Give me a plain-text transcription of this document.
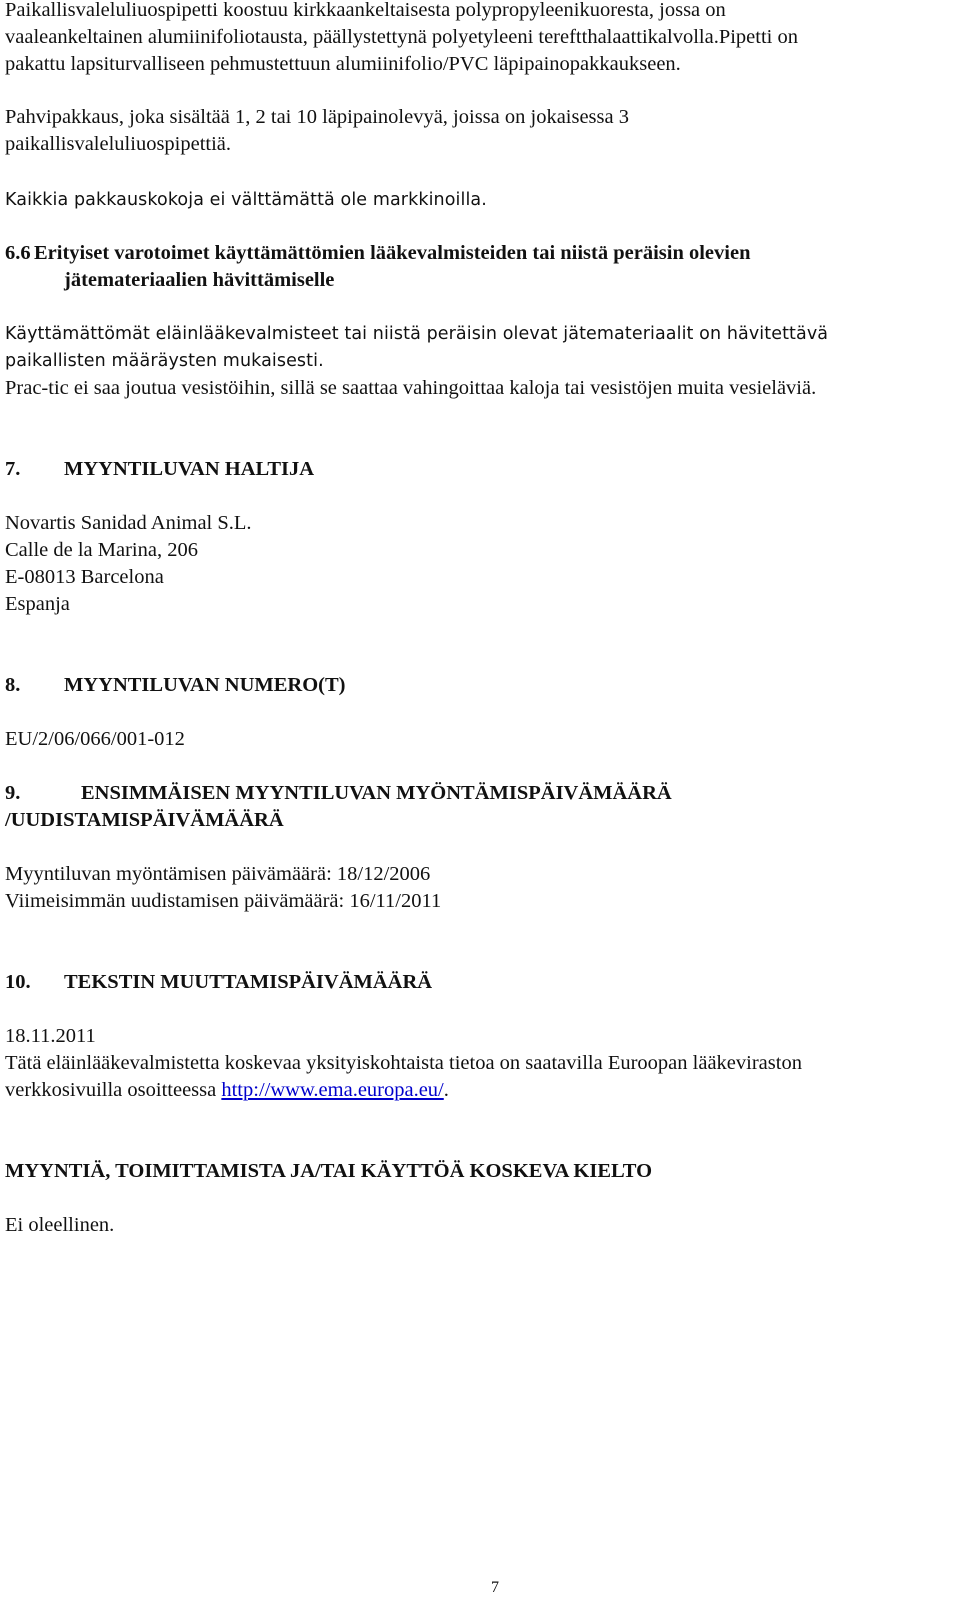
Paikallisvaleluliuospipetti koostuu kirkkaankeltaisesta polypropyleenikuoresta, jossa on
vaaleankeltainen alumiinifoliotausta, päällystettynä polyetyleeni tereftthalaattikalvolla.Pipetti on
pakattu lapsiturvalliseen pehmustettuun alumiinifolio/PVC läpipainopakkaukseen.
Pahvipakkaus, joka sisältää 1, 2 tai 10 läpipainolevyä, joissa on jokaisessa 3
paikallisvaleluliuospipettiä.
Kaikkia pakkauskokoja ei välttämättä ole markkinoilla.
6.6 Erityiset varotoimet käyttämättömien lääkevalmisteiden tai niistä peräisin olevien
jätemateriaalien hävittämiselle
Käyttämättömät eläinlääkevalmisteet tai niistä peräisin olevat jätemateriaalit on hävitettävä
paikallisten määräysten mukaisesti.
Prac-tic ei saa joutua vesistöihin, sillä se saattaa vahingoittaa kaloja tai vesistöjen muita vesieläviä.
7. MYYNTILUVAN HALTIJA
Novartis Sanidad Animal S.L.
Calle de la Marina, 206
E-08013 Barcelona
Espanja
8. MYYNTILUVAN NUMERO(T)
EU/2/06/066/001-012
9.	ENSIMMÄISEN MYYNTILUVAN MYÖNTÄMISPÄIVÄMÄÄRÄ
/UUDISTAMISPÄIVÄMÄÄRÄ
Myyntiluvan myöntämisen päivämäärä: 18/12/2006
Viimeisimmän uudistamisen päivämäärä: 16/11/2011
10. TEKSTIN MUUTTAMISPÄIVÄMÄÄRÄ
18.11.2011
Tätä eläinlääkevalmistetta koskevaa yksityiskohtaista tietoa on saatavilla Euroopan lääkeviraston
verkkosivuilla osoitteessa http://www.ema.europa.eu/.
MYYNTIÄ, TOIMITTAMISTA JA/TAI KÄYTTÖÄ KOSKEVA KIELTO
Ei oleellinen.
7
